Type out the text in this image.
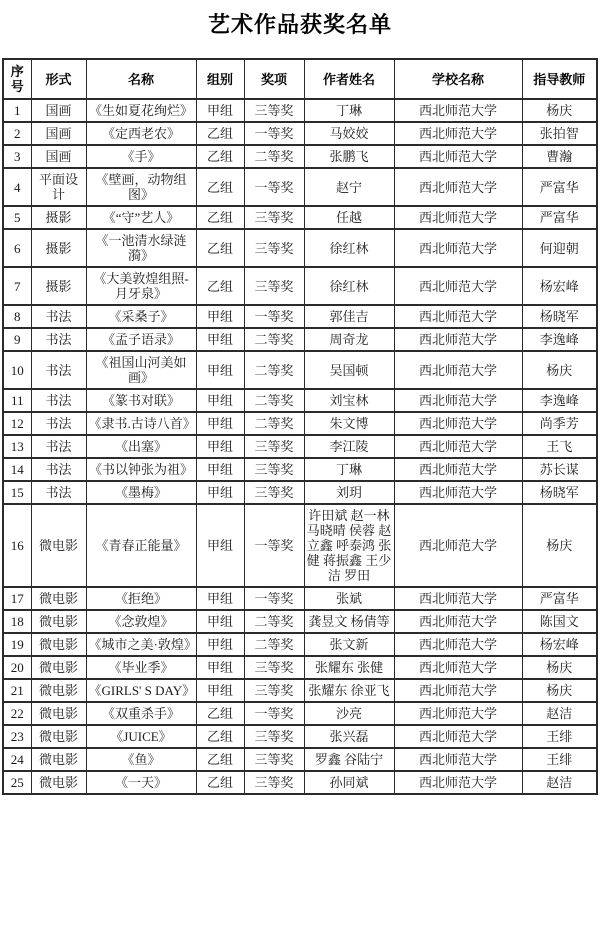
艺术作品获奖名单
序号	形式	名称	组别	奖项	作者姓名	学校名称	指导教师
1	国画	《生如夏花绚烂》	甲组	三等奖	丁琳	西北师范大学	杨庆
2	国画	《定西老农》	乙组	一等奖	马姣姣	西北师范大学	张拍智
3	国画	《手》	乙组	二等奖	张鹏飞	西北师范大学	曹瀚
4	平面设计	《壁画，动物组图》	乙组	一等奖	赵宁	西北师范大学	严富华
5	摄影	《“守”艺人》	乙组	三等奖	任越	西北师范大学	严富华
6	摄影	《一池清水绿涟漪》	乙组	三等奖	徐红林	西北师范大学	何迎朝
7	摄影	《大美敦煌组照-月牙泉》	乙组	三等奖	徐红林	西北师范大学	杨宏峰
8	书法	《采桑子》	甲组	一等奖	郭佳吉	西北师范大学	杨晓军
9	书法	《孟子语录》	甲组	二等奖	周奇龙	西北师范大学	李逸峰
10	书法	《祖国山河美如画》	甲组	二等奖	吴国顿	西北师范大学	杨庆
11	书法	《篆书对联》	甲组	二等奖	刘宝林	西北师范大学	李逸峰
12	书法	《隶书.古诗八首》	甲组	二等奖	朱文博	西北师范大学	尚季芳
13	书法	《出塞》	甲组	三等奖	李江陵	西北师范大学	王飞
14	书法	《书以钟张为祖》	甲组	三等奖	丁琳	西北师范大学	苏长谋
15	书法	《墨梅》	甲组	三等奖	刘玥	西北师范大学	杨晓军
16	微电影	《青春正能量》	甲组	一等奖	许田斌 赵一林 马晓晴 侯蓉 赵立鑫 呼泰鸿 张健 蒋振鑫 王少洁 罗田	西北师范大学	杨庆
17	微电影	《拒绝》	甲组	一等奖	张斌	西北师范大学	严富华
18	微电影	《念敦煌》	甲组	二等奖	龚昱文 杨倩等	西北师范大学	陈国文
19	微电影	《城市之美·敦煌》	甲组	二等奖	张文新	西北师范大学	杨宏峰
20	微电影	《毕业季》	甲组	三等奖	张耀东 张健	西北师范大学	杨庆
21	微电影	《GIRLS' S DAY》	甲组	三等奖	张耀东 徐亚飞	西北师范大学	杨庆
22	微电影	《双重杀手》	乙组	一等奖	沙亮	西北师范大学	赵洁
23	微电影	《JUICE》	乙组	三等奖	张兴磊	西北师范大学	王绯
24	微电影	《鱼》	乙组	三等奖	罗鑫 谷陆宁	西北师范大学	王绯
25	微电影	《一天》	乙组	三等奖	孙同斌	西北师范大学	赵洁
